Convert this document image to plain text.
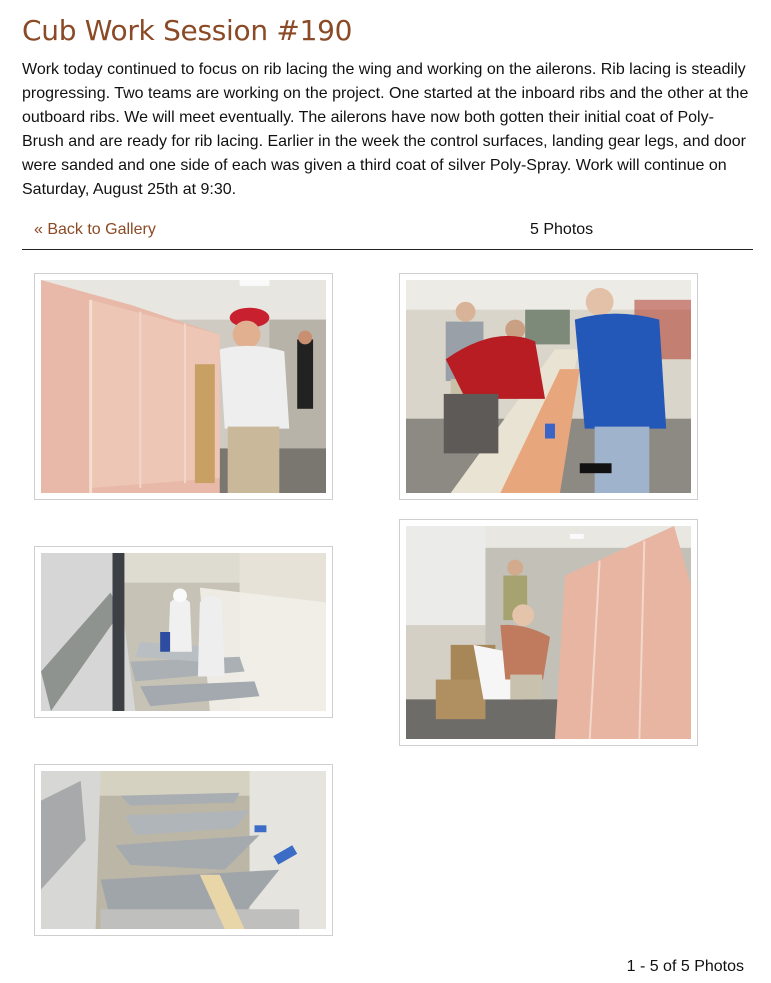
Cub Work Session #190

Work today continued to focus on rib lacing the wing and working on the ailerons. Rib lacing is steadily progressing. Two teams are working on the project. One started at the inboard ribs and the other at the outboard ribs. We will meet eventually. The ailerons have now both gotten their initial coat of Poly-Brush and are ready for rib lacing. Earlier in the week the control surfaces, landing gear legs, and door were sanded and one side of each was given a third coat of silver Poly-Spray. Work will continue on Saturday, August 25th at 9:30.

« Back to Gallery	5 Photos
1 - 5 of 5 Photos
